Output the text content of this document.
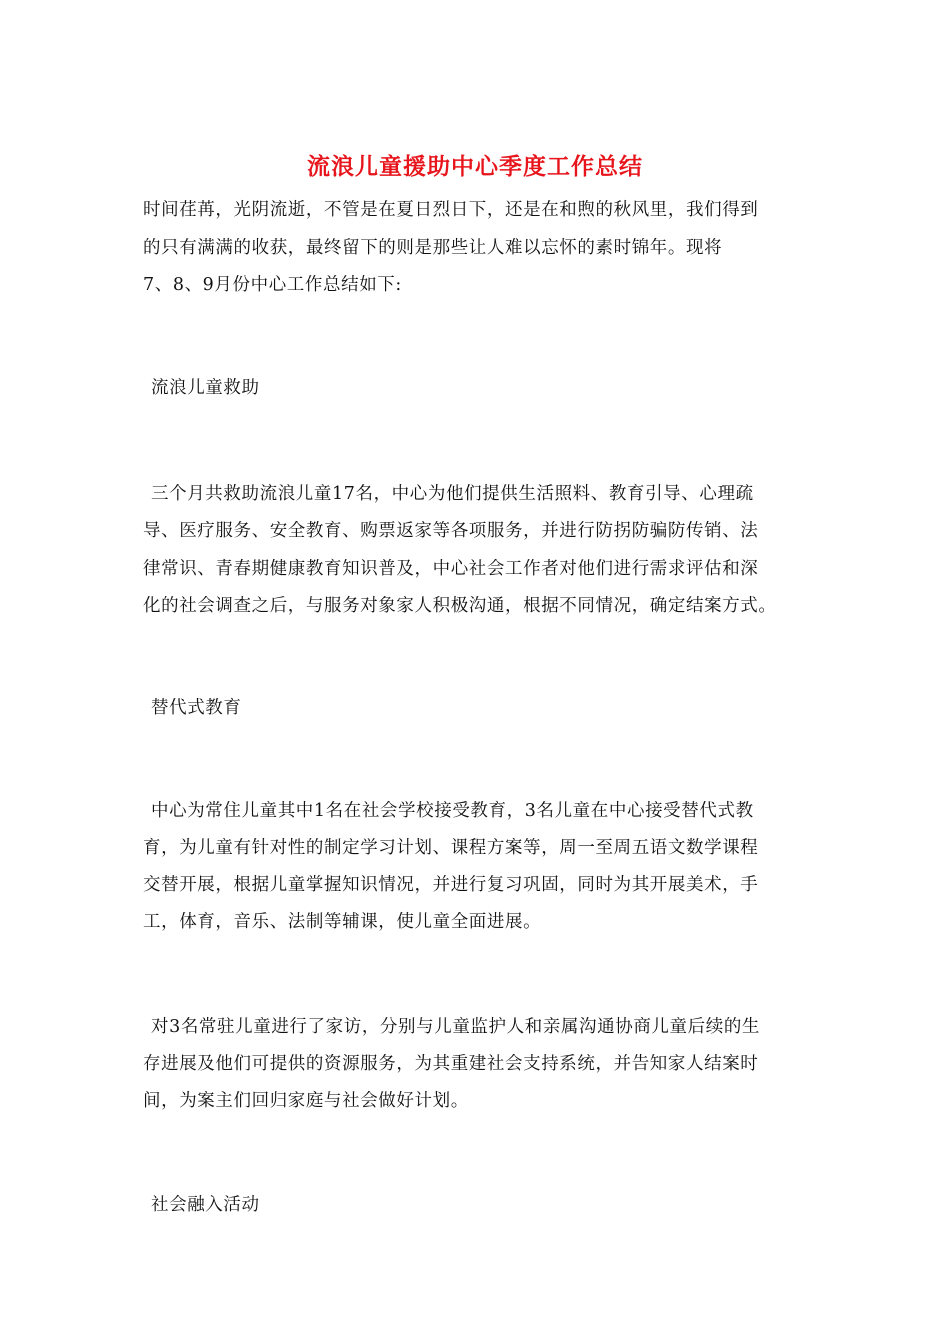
流浪儿童援助中心季度工作总结
时间荏苒，光阴流逝，不管是在夏日烈日下，还是在和煦的秋风里，我们得到
的只有满满的收获，最终留下的则是那些让人难以忘怀的素时锦年。现将
7、8、9月份中心工作总结如下:
流浪儿童救助
三个月共救助流浪儿童17名，中心为他们提供生活照料、教育引导、心理疏
导、医疗服务、安全教育、购票返家等各项服务，并进行防拐防骗防传销、法
律常识、青春期健康教育知识普及，中心社会工作者对他们进行需求评估和深
化的社会调查之后，与服务对象家人积极沟通，根据不同情况，确定结案方式。
替代式教育
中心为常住儿童其中1名在社会学校接受教育，3名儿童在中心接受替代式教
育，为儿童有针对性的制定学习计划、课程方案等，周一至周五语文数学课程
交替开展，根据儿童掌握知识情况，并进行复习巩固，同时为其开展美术，手
工，体育，音乐、法制等辅课，使儿童全面进展。
对3名常驻儿童进行了家访，分别与儿童监护人和亲属沟通协商儿童后续的生
存进展及他们可提供的资源服务，为其重建社会支持系统，并告知家人结案时
间，为案主们回归家庭与社会做好计划。
社会融入活动
